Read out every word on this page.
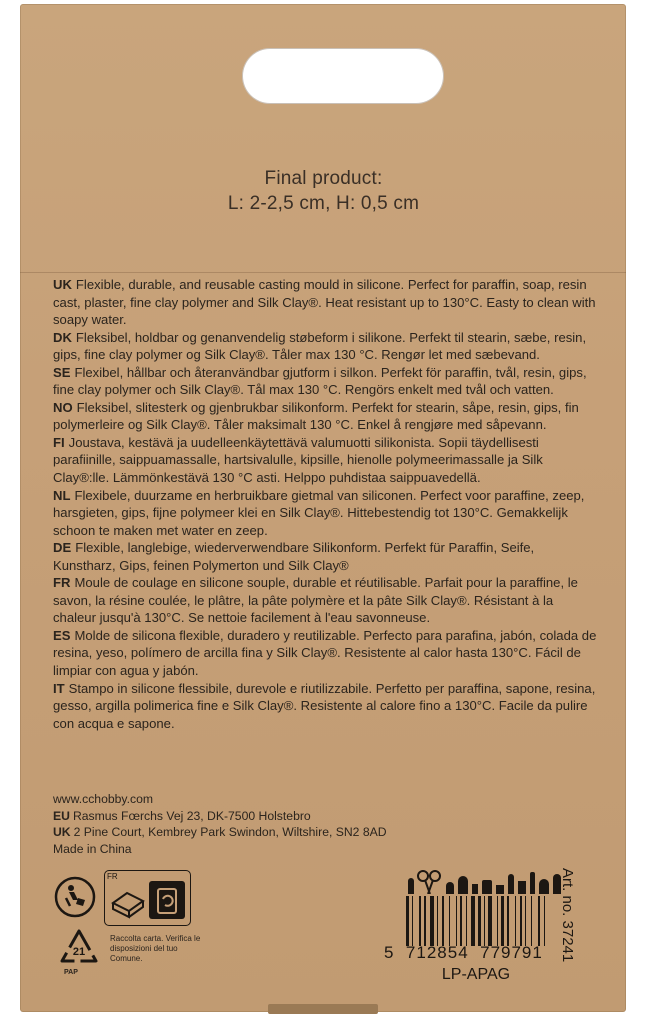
Final product:
L: 2-2,5 cm, H: 0,5 cm

UK Flexible, durable, and reusable casting mould in silicone. Perfect for paraffin, soap, resin cast, plaster, fine clay polymer and Silk Clay®. Heat resistant up to 130°C. Easty to clean with soapy water.

DK Fleksibel, holdbar og genanvendelig støbeform i silikone. Perfekt til stearin, sæbe, resin, gips, fine clay polymer og Silk Clay®. Tåler max 130 °C. Rengør let med sæbevand.

SE Flexibel, hållbar och återanvändbar gjutform i silkon. Perfekt för paraffin, tvål, resin, gips, fine clay polymer och Silk Clay®. Tål max 130 °C. Rengörs enkelt med tvål och vatten.

NO Fleksibel, slitesterk og gjenbrukbar silikonform. Perfekt for stearin, såpe, resin, gips, fin polymerleire og Silk Clay®. Tåler maksimalt 130 °C. Enkel å rengjøre med såpevann.

FI Joustava, kestävä ja uudelleenkäytettävä valumuotti silikonista. Sopii täydellisesti parafiinille, saippuamassalle, hartsivalulle, kipsille, hienolle polymeerimassalle ja Silk Clay®:lle. Lämmönkestävä 130 °C asti. Helppo puhdistaa saippuavedellä.

NL Flexibele, duurzame en herbruikbare gietmal van siliconen. Perfect voor paraffine, zeep, harsgieten, gips, fijne polymeer klei en Silk Clay®. Hittebestendig tot 130°C. Gemakkelijk schoon te maken met water en zeep.

DE Flexible, langlebige, wiederverwendbare Silikonform. Perfekt für Paraffin, Seife, Kunstharz, Gips, feinen Polymerton und Silk Clay®

FR Moule de coulage en silicone souple, durable et réutilisable. Parfait pour la paraffine, le savon, la résine coulée, le plâtre, la pâte polymère et la pâte Silk Clay®. Résistant à la chaleur jusqu'à 130°C. Se nettoie facilement à l'eau savonneuse.

ES Molde de silicona flexible, duradero y reutilizable. Perfecto para parafina, jabón, colada de resina, yeso, polímero de arcilla fina y Silk Clay®. Resistente al calor hasta 130°C. Fácil de limpiar con agua y jabón.

IT Stampo in silicone flessibile, durevole e riutilizzabile. Perfetto per paraffina, sapone, resina, gesso, argilla polimerica fine e Silk Clay®. Resistente al calore fino a 130°C. Facile da pulire con acqua e sapone.

www.cchobby.com
EU Rasmus Fœrchs Vej 23, DK-7500 Holstebro
UK 2 Pine Court, Kembrey Park Swindon, Wiltshire, SN2 8AD
Made in China
FR
21
PAP
Raccolta carta. Verifica le disposizioni del tuo Comune.	5 712854 779791
LP-APAG
Art. no. 37241
